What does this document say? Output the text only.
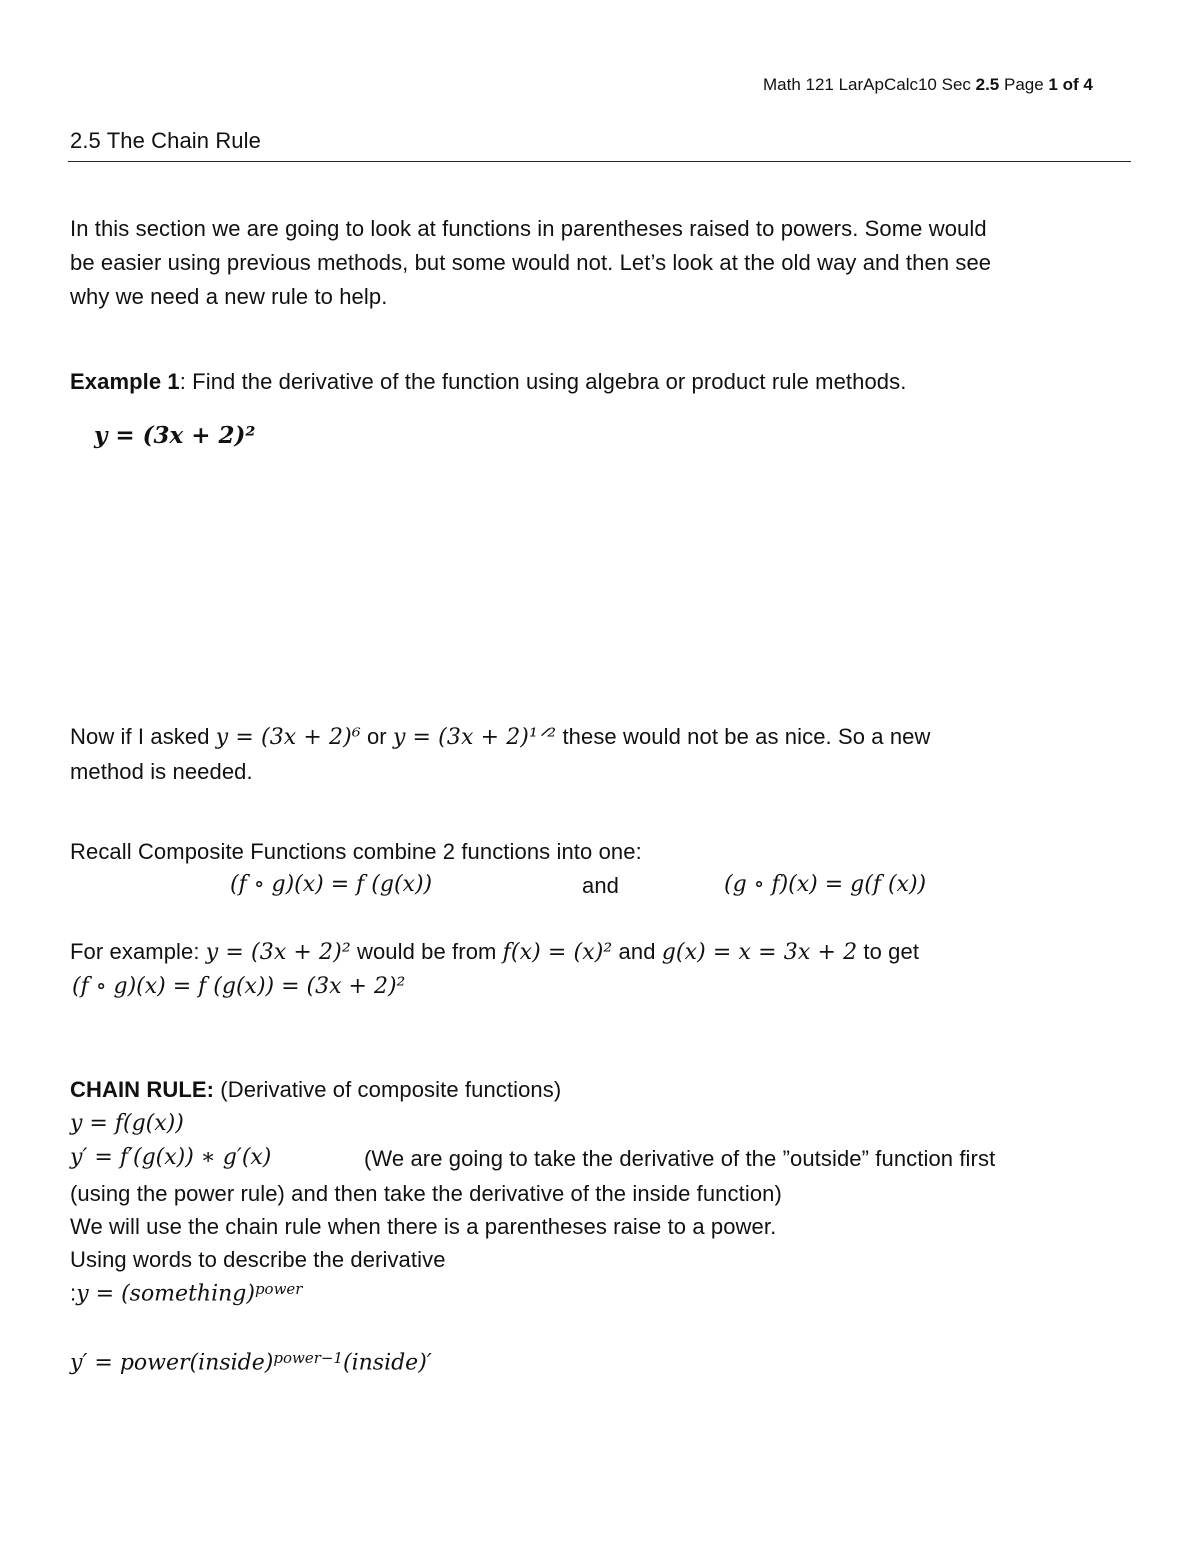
Math 121 LarApCalc10 Sec 2.5 Page 1 of 4
2.5 The Chain Rule
In this section we are going to look at functions in parentheses raised to powers. Some would
be easier using previous methods, but some would not. Let’s look at the old way and then see
why we need a new rule to help.
Example 1: Find the derivative of the function using algebra or product rule methods.
y = (3x + 2)²
Now if I asked y = (3x + 2)⁶ or y = (3x + 2)¹ᐟ² these would not be as nice. So a new
method is needed.
Recall Composite Functions combine 2 functions into one:
(f ∘ g)(x) = f (g(x))	and	(g ∘ f)(x) = g(f (x))
For example: y = (3x + 2)² would be from f(x) = (x)² and g(x) = x = 3x + 2 to get
(f ∘ g)(x) = f (g(x)) = (3x + 2)²
CHAIN RULE: (Derivative of composite functions)
y = f(g(x))
y′ = f′(g(x)) ∗ g′(x)	(We are going to take the derivative of the ”outside” function first
(using the power rule) and then take the derivative of the inside function)
We will use the chain rule when there is a parentheses raise to a power.
Using words to describe the derivative
:y = (something)$^{power}$
y′ = power(inside)$^{power-1}$(inside)′
